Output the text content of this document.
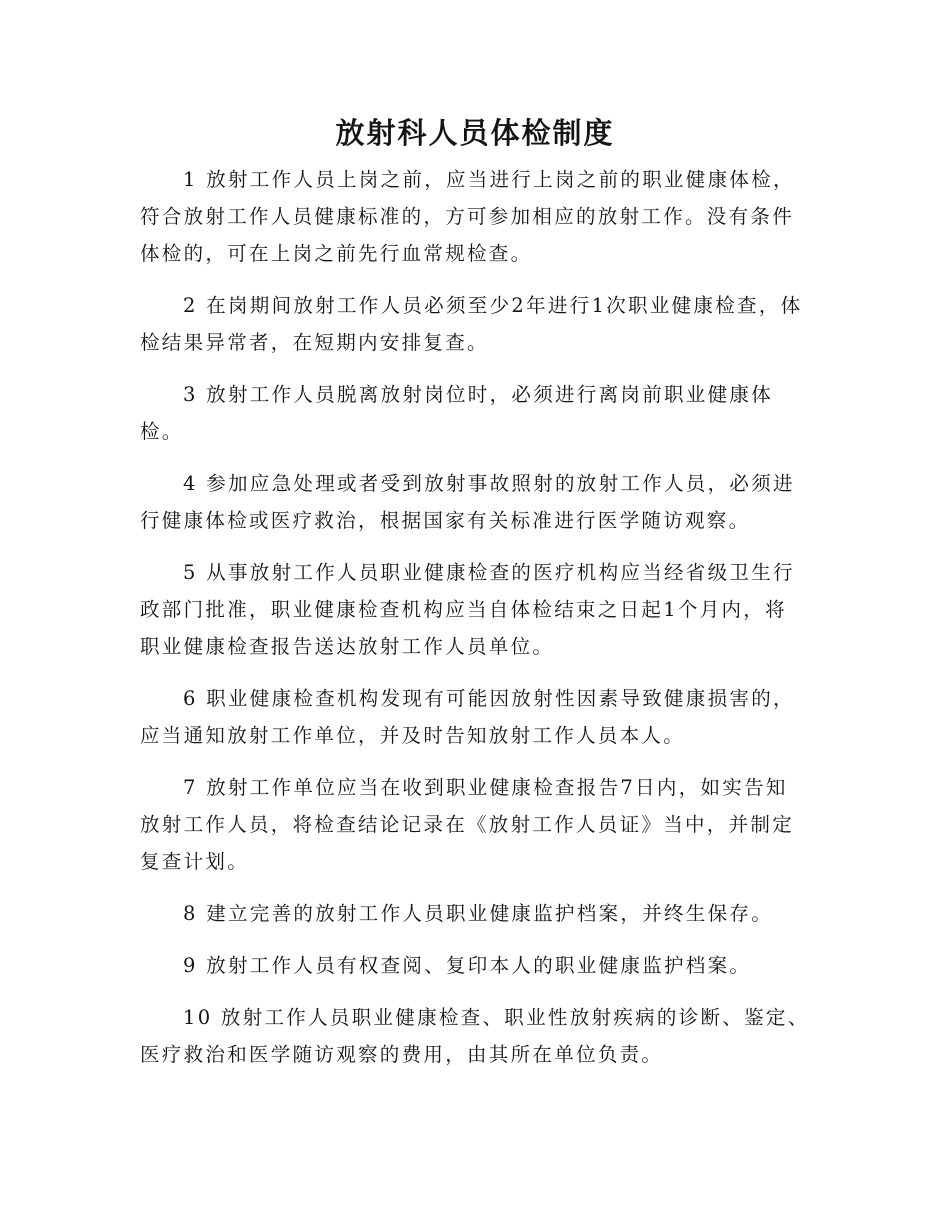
放射科人员体检制度
1 放射工作人员上岗之前，应当进行上岗之前的职业健康体检，
符合放射工作人员健康标准的，方可参加相应的放射工作。没有条件
体检的，可在上岗之前先行血常规检查。
2 在岗期间放射工作人员必须至少2年进行1次职业健康检查，体
检结果异常者，在短期内安排复查。
3 放射工作人员脱离放射岗位时，必须进行离岗前职业健康体
检。
4 参加应急处理或者受到放射事故照射的放射工作人员，必须进
行健康体检或医疗救治，根据国家有关标准进行医学随访观察。
5 从事放射工作人员职业健康检查的医疗机构应当经省级卫生行
政部门批准，职业健康检查机构应当自体检结束之日起1个月内，将
职业健康检查报告送达放射工作人员单位。
6 职业健康检查机构发现有可能因放射性因素导致健康损害的，
应当通知放射工作单位，并及时告知放射工作人员本人。
7 放射工作单位应当在收到职业健康检查报告7日内，如实告知
放射工作人员，将检查结论记录在《放射工作人员证》当中，并制定
复查计划。
8 建立完善的放射工作人员职业健康监护档案，并终生保存。
9 放射工作人员有权查阅、复印本人的职业健康监护档案。
10 放射工作人员职业健康检查、职业性放射疾病的诊断、鉴定、
医疗救治和医学随访观察的费用，由其所在单位负责。
